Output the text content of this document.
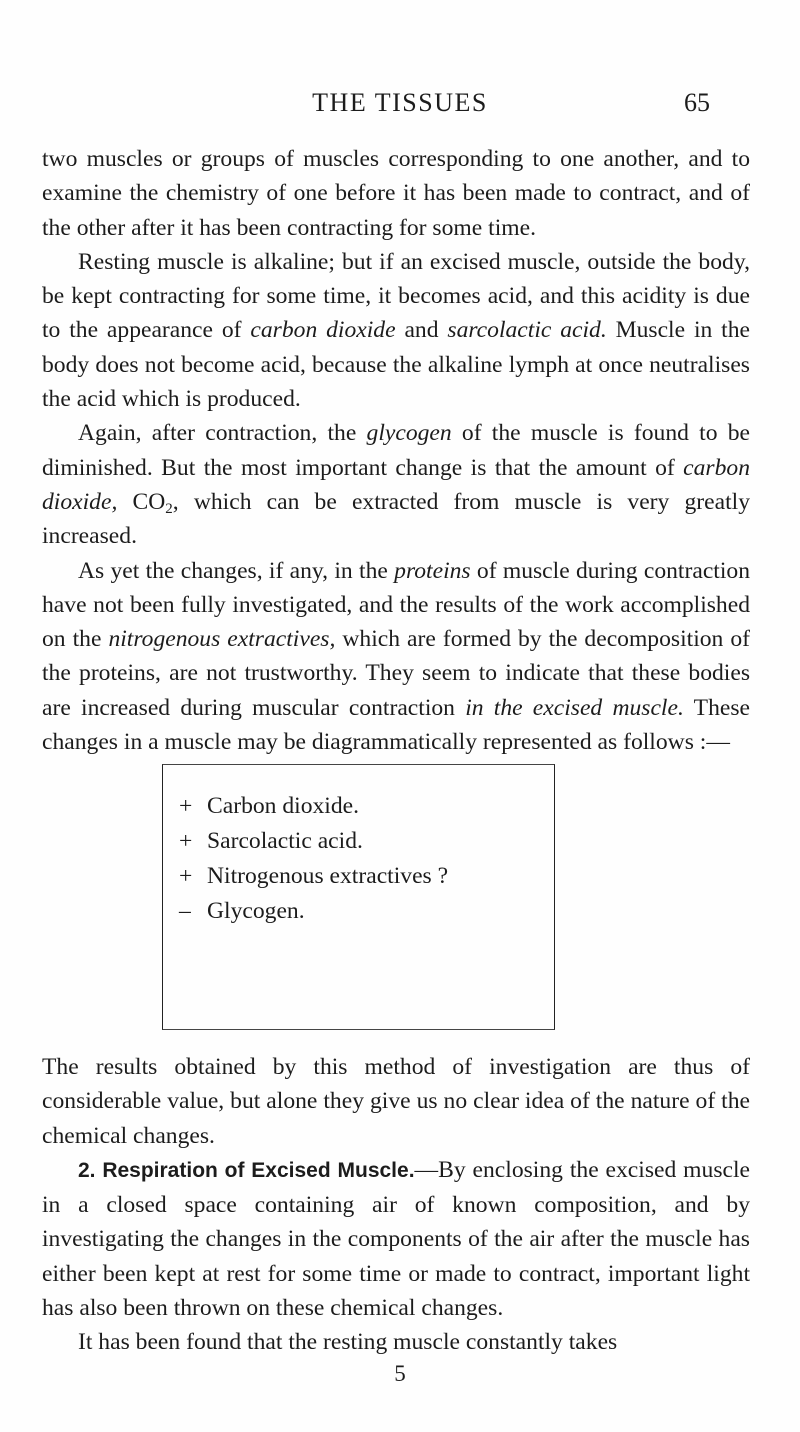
THE TISSUES	65

two muscles or groups of muscles corresponding to one another, and to examine the chemistry of one before it has been made to contract, and of the other after it has been contracting for some time.

Resting muscle is alkaline; but if an excised muscle, outside the body, be kept contracting for some time, it becomes acid, and this acidity is due to the appearance of carbon dioxide and sarcolactic acid. Muscle in the body does not become acid, because the alkaline lymph at once neutralises the acid which is produced.

Again, after contraction, the glycogen of the muscle is found to be diminished. But the most important change is that the amount of carbon dioxide, $CO_2$, which can be extracted from muscle is very greatly increased.

As yet the changes, if any, in the proteins of muscle during contraction have not been fully investigated, and the results of the work accomplished on the nitrogenous extractives, which are formed by the decomposition of the proteins, are not trustworthy. They seem to indicate that these bodies are increased during muscular contraction in the excised muscle. These changes in a muscle may be diagrammatically represented as follows :—

+ Carbon dioxide.
+ Sarcolactic acid.
+ Nitrogenous extractives ?
– Glycogen.

The results obtained by this method of investigation are thus of considerable value, but alone they give us no clear idea of the nature of the chemical changes.

2. Respiration of Excised Muscle.—By enclosing the excised muscle in a closed space containing air of known composition, and by investigating the changes in the components of the air after the muscle has either been kept at rest for some time or made to contract, important light has also been thrown on these chemical changes.

It has been found that the resting muscle constantly takes

5
